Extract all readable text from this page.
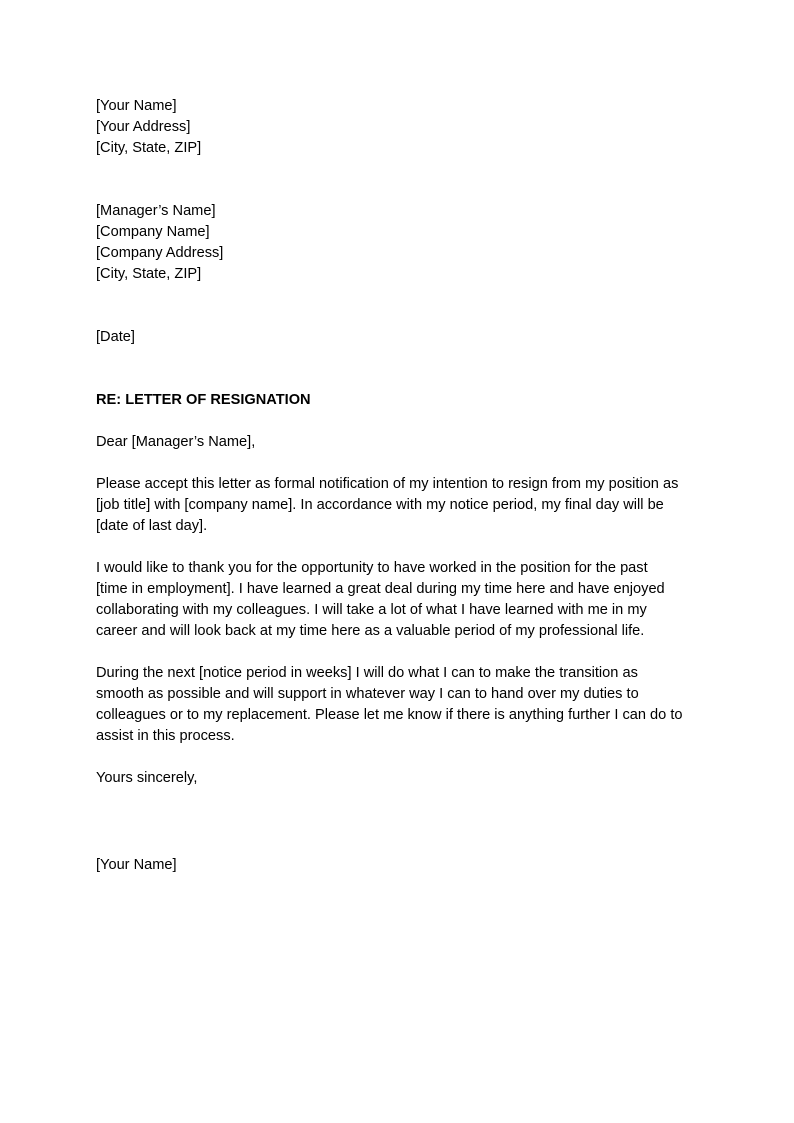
[Your Name]
[Your Address]
[City, State, ZIP]
[Manager’s Name]
[Company Name]
[Company Address]
[City, State, ZIP]
[Date]
RE: LETTER OF RESIGNATION
Dear [Manager’s Name],
Please accept this letter as formal notification of my intention to resign from my position as
[job title] with [company name]. In accordance with my notice period, my final day will be
[date of last day].
I would like to thank you for the opportunity to have worked in the position for the past
[time in employment]. I have learned a great deal during my time here and have enjoyed
collaborating with my colleagues. I will take a lot of what I have learned with me in my
career and will look back at my time here as a valuable period of my professional life.
During the next [notice period in weeks] I will do what I can to make the transition as
smooth as possible and will support in whatever way I can to hand over my duties to
colleagues or to my replacement. Please let me know if there is anything further I can do to
assist in this process.
Yours sincerely,
[Your Name]
